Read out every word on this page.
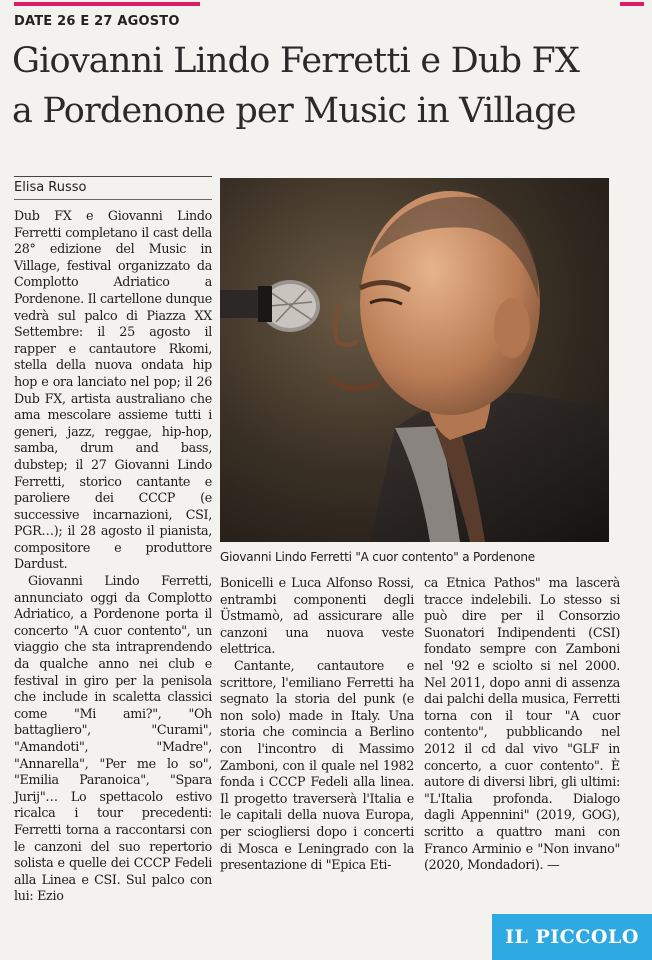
DATE 26 E 27 AGOSTO
Giovanni Lindo Ferretti e Dub FX
a Pordenone per Music in Village
Elisa Russo

Dub FX e Giovanni Lindo Ferretti completano il cast della 28° edizione del Music in Village, festival organizzato da Complotto Adriatico a Pordenone. Il cartellone dunque vedrà sul palco di Piazza XX Settembre: il 25 agosto il rapper e cantautore Rkomi, stella della nuova ondata hip hop e ora lanciato nel pop; il 26 Dub FX, artista australiano che ama mescolare assieme tutti i generi, jazz, reggae, hip-hop, samba, drum and bass, dubstep; il 27 Giovanni Lindo Ferretti, storico cantante e paroliere dei CCCP (e successive incarnazioni, CSI, PGR…); il 28 agosto il pianista, compositore e produttore Dardust.

Giovanni Lindo Ferretti, annunciato oggi da Complotto Adriatico, a Pordenone porta il concerto "A cuor contento", un viaggio che sta intraprendendo da qualche anno nei club e festival in giro per la penisola che include in scaletta classici come "Mi ami?", "Oh battagliero", "Curami", "Amandoti", "Madre", "Annarella", "Per me lo so", "Emilia Paranoica", "Spara Jurij"… Lo spettacolo estivo ricalca i tour precedenti: Ferretti torna a raccontarsi con le canzoni del suo repertorio solista e quelle dei CCCP Fedeli alla Linea e CSI. Sul palco con lui: Ezio

Giovanni Lindo Ferretti "A cuor contento" a Pordenone

Bonicelli e Luca Alfonso Rossi, entrambi componenti degli Üstmamò, ad assicurare alle canzoni una nuova veste elettrica.

Cantante, cantautore e scrittore, l'emiliano Ferretti ha segnato la storia del punk (e non solo) made in Italy. Una storia che comincia a Berlino con l'incontro di Massimo Zamboni, con il quale nel 1982 fonda i CCCP Fedeli alla linea. Il progetto traverserà l'Italia e le capitali della nuova Europa, per sciogliersi dopo i concerti di Mosca e Leningrado con la presentazione di "Epica Eti-

ca Etnica Pathos" ma lascerà tracce indelebili. Lo stesso si può dire per il Consorzio Suonatori Indipendenti (CSI) fondato sempre con Zamboni nel '92 e sciolto si nel 2000. Nel 2011, dopo anni di assenza dai palchi della musica, Ferretti torna con il tour "A cuor contento", pubblicando nel 2012 il cd dal vivo "GLF in concerto, a cuor contento". È autore di diversi libri, gli ultimi: "L'Italia profonda. Dialogo dagli Appennini" (2019, GOG), scritto a quattro mani con Franco Arminio e "Non invano" (2020, Mondadori). —

IL PICCOLO
